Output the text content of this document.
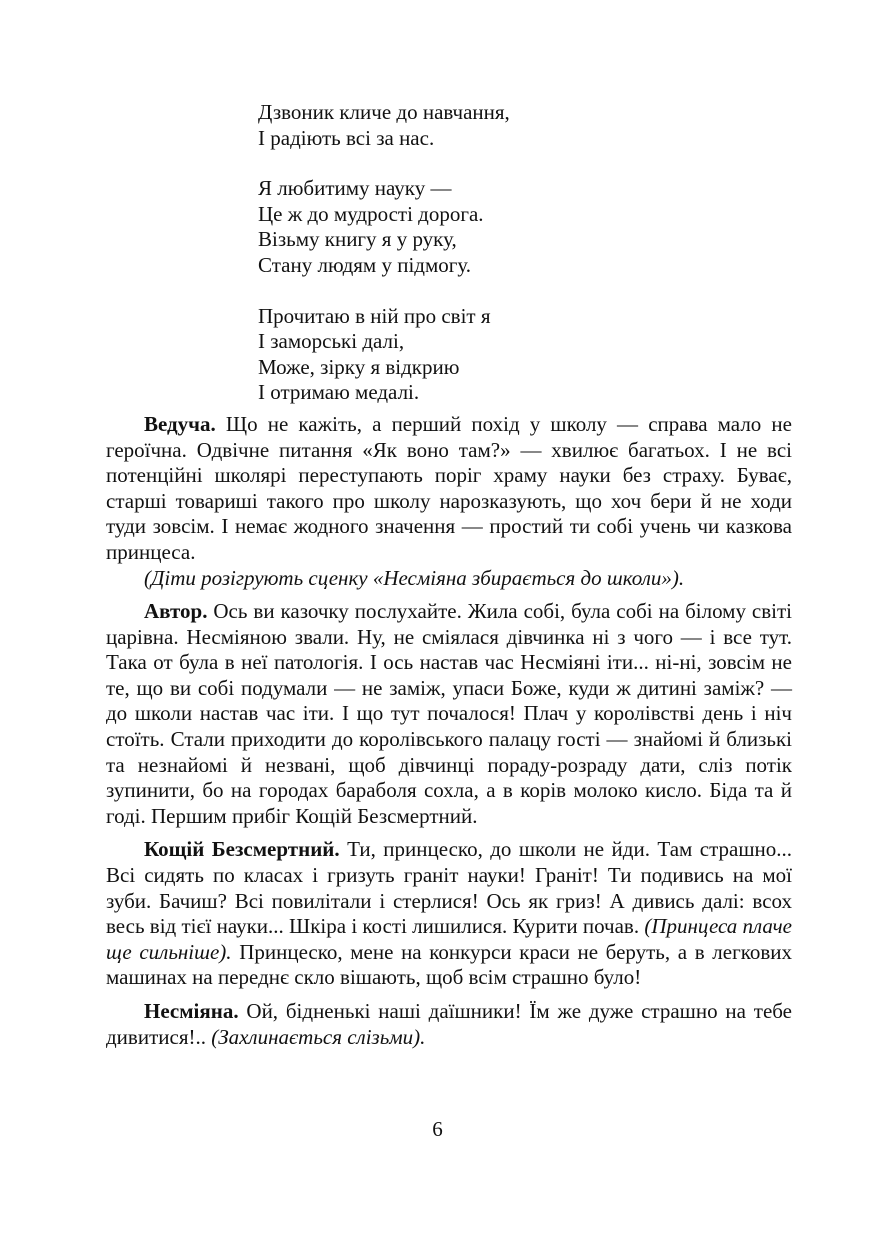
Дзвоник кличе до навчання,
І радіють всі за нас.
Я любитиму науку —
Це ж до мудрості дорога.
Візьму книгу я у руку,
Стану людям у підмогу.
Прочитаю в ній про світ я
І заморські далі,
Може, зірку я відкрию
І отримаю медалі.

Ведуча. Що не кажіть, а перший похід у школу — справа мало не героїчна. Одвічне питання «Як воно там?» — хвилює багатьох. І не всі потенційні школярі переступають поріг храму науки без страху. Буває, старші товариші такого про школу нарозказують, що хоч бери й не ходи туди зовсім. І немає жодного значення — простий ти собі учень чи казкова принцеса.

(Діти розігрують сценку «Несміяна збирається до школи»).

Автор. Ось ви казочку послухайте. Жила собі, була собі на білому світі царівна. Несміяною звали. Ну, не сміялася дівчинка ні з чого — і все тут. Така от була в неї патологія. І ось настав час Несміяні іти... ні-ні, зовсім не те, що ви собі подумали — не заміж, упаси Боже, куди ж дитині заміж? — до школи настав час іти. І що тут почалося! Плач у королівстві день і ніч стоїть. Стали приходити до королівського палацу гості — знайомі й близькі та незнайомі й незвані, щоб дівчинці пораду-розраду дати, сліз потік зупинити, бо на городах бараболя сохла, а в корів молоко кисло. Біда та й годі. Першим прибіг Кощій Безсмертний.

Кощій Безсмертний. Ти, принцеско, до школи не йди. Там страшно... Всі сидять по класах і гризуть граніт науки! Граніт! Ти подивись на мої зуби. Бачиш? Всі повилітали і стерлися! Ось як гриз! А дивись далі: всох весь від тієї науки... Шкіра і кості лишилися. Курити почав. (Принцеса плаче ще сильніше). Принцеско, мене на конкурси краси не беруть, а в легкових машинах на переднє скло вішають, щоб всім страшно було!

Несміяна. Ой, бідненькі наші даїшники! Їм же дуже страшно на тебе дивитися!.. (Захлинається слізьми).

6
